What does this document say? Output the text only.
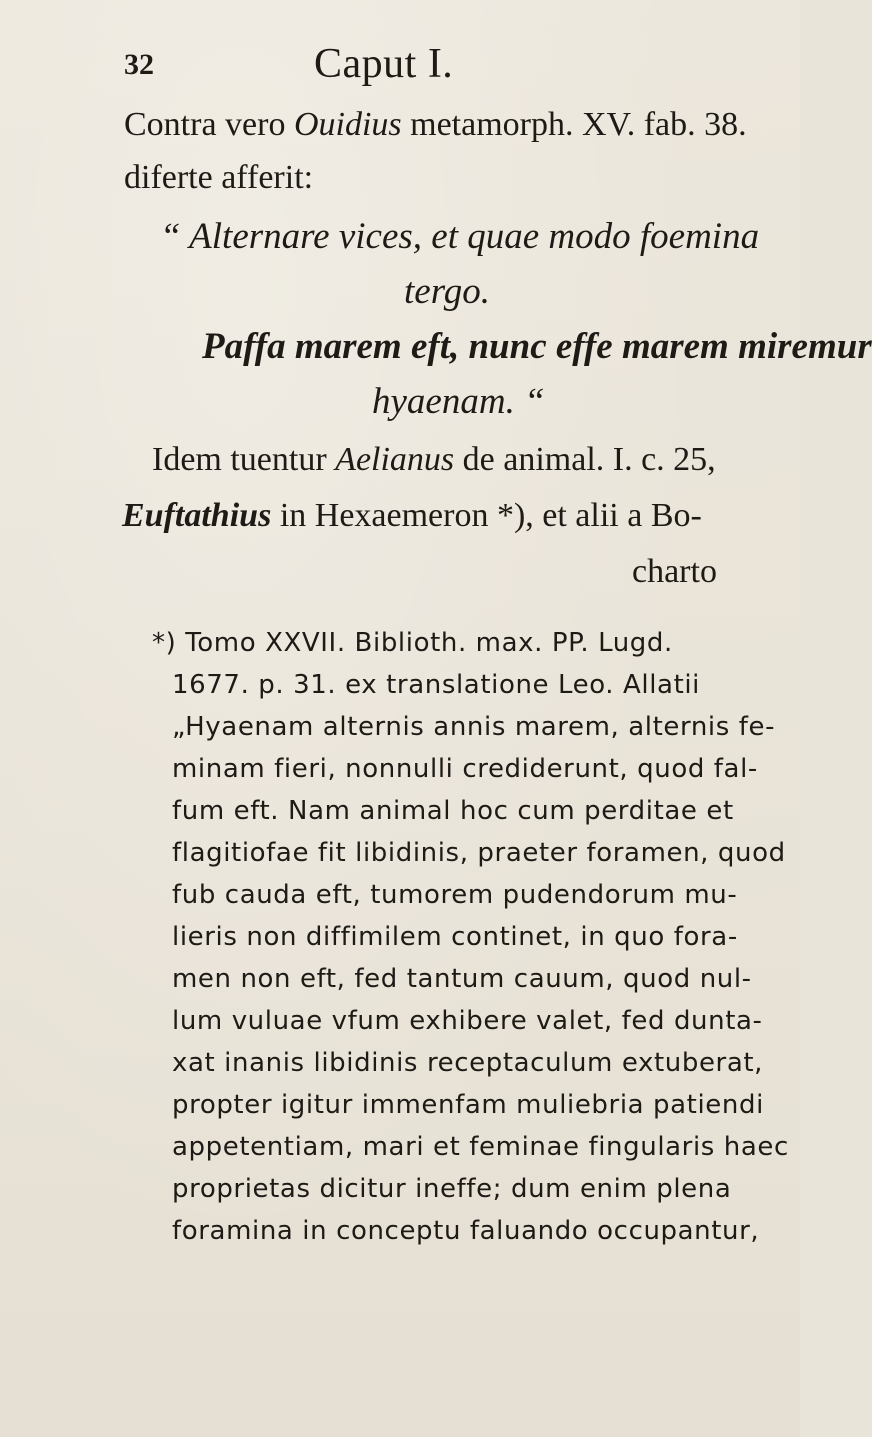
32	Caput I.
Contra vero Ouidius metamorph. XV. fab. 38.
diferte afferit:
“ Alternare vices, et quae modo foemina
tergo.
Paffa marem eft, nunc effe marem miremur
hyaenam. “
Idem tuentur Aelianus de animal. I. c. 25,
Euftathius in Hexaemeron *), et alii a Bo-
charto
*) Tomo XXVII. Biblioth. max. PP. Lugd.
1677. p. 31. ex translatione Leo. Allatii
„Hyaenam alternis annis marem, alternis fe-
minam fieri, nonnulli crediderunt, quod fal-
fum eft. Nam animal hoc cum perditae et
flagitiofae fit libidinis, praeter foramen, quod
fub cauda eft, tumorem pudendorum mu-
lieris non diffimilem continet, in quo fora-
men non eft, fed tantum cauum, quod nul-
lum vuluae vfum exhibere valet, fed dunta-
xat inanis libidinis receptaculum extuberat,
propter igitur immenfam muliebria patiendi
appetentiam, mari et feminae fingularis haec
proprietas dicitur ineffe; dum enim plena
foramina in conceptu faluando occupantur,
